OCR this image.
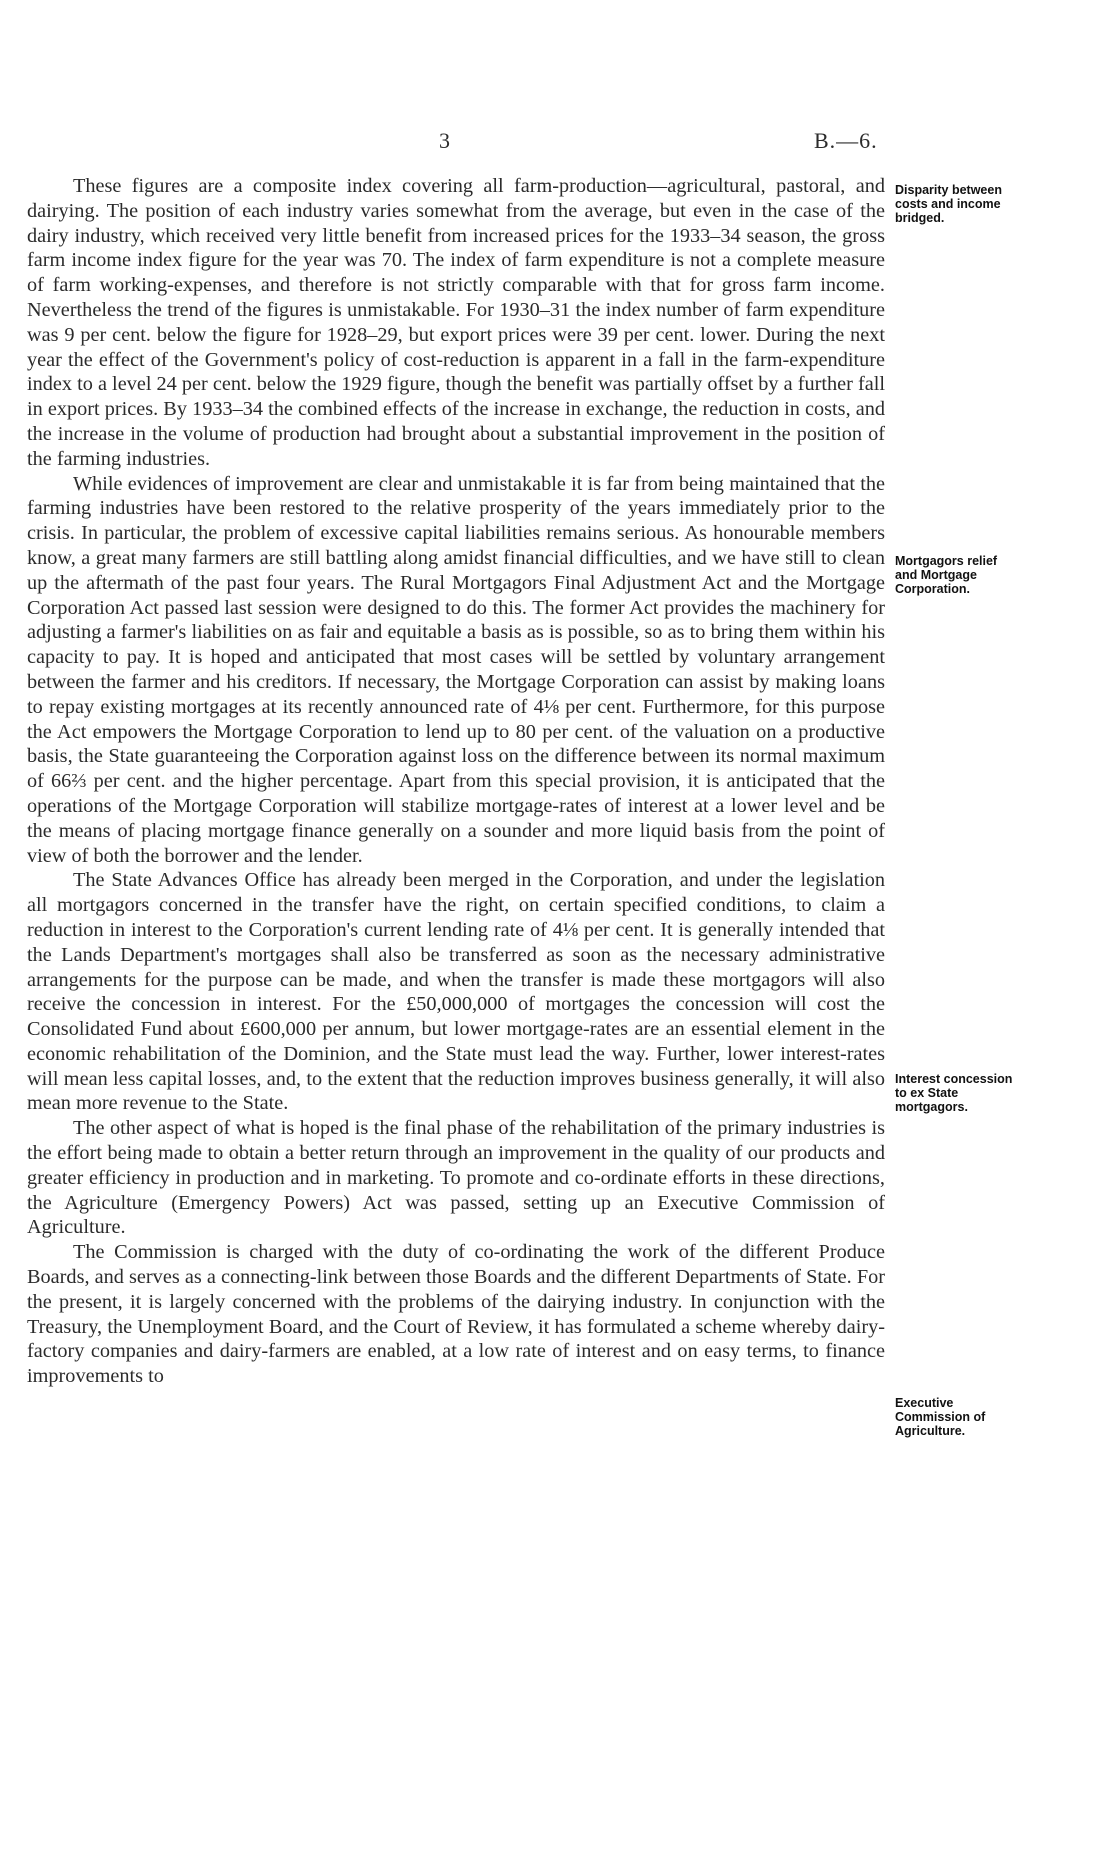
3	B.—6.

These figures are a composite index covering all farm-production—agricultural, pastoral, and dairying. The position of each industry varies somewhat from the average, but even in the case of the dairy industry, which received very little benefit from increased prices for the 1933–34 season, the gross farm income index figure for the year was 70. The index of farm expenditure is not a complete measure of farm working-expenses, and therefore is not strictly comparable with that for gross farm income. Nevertheless the trend of the figures is unmistakable. For 1930–31 the index number of farm expenditure was 9 per cent. below the figure for 1928–29, but export prices were 39 per cent. lower. During the next year the effect of the Government's policy of cost-reduction is apparent in a fall in the farm-expenditure index to a level 24 per cent. below the 1929 figure, though the benefit was partially offset by a further fall in export prices. By 1933–34 the combined effects of the increase in exchange, the reduction in costs, and the increase in the volume of production had brought about a substantial improvement in the position of the farming industries.

While evidences of improvement are clear and unmistakable it is far from being maintained that the farming industries have been restored to the relative prosperity of the years immediately prior to the crisis. In particular, the problem of excessive capital liabilities remains serious. As honourable members know, a great many farmers are still battling along amidst financial difficulties, and we have still to clean up the aftermath of the past four years. The Rural Mortgagors Final Adjustment Act and the Mortgage Corporation Act passed last session were designed to do this. The former Act provides the machinery for adjusting a farmer's liabilities on as fair and equitable a basis as is possible, so as to bring them within his capacity to pay. It is hoped and anticipated that most cases will be settled by voluntary arrangement between the farmer and his creditors. If necessary, the Mortgage Corporation can assist by making loans to repay existing mortgages at its recently announced rate of 4⅛ per cent. Furthermore, for this purpose the Act empowers the Mortgage Corporation to lend up to 80 per cent. of the valuation on a productive basis, the State guaranteeing the Corporation against loss on the difference between its normal maximum of 66⅔ per cent. and the higher percentage. Apart from this special provision, it is anticipated that the operations of the Mortgage Corporation will stabilize mortgage-rates of interest at a lower level and be the means of placing mortgage finance generally on a sounder and more liquid basis from the point of view of both the borrower and the lender.

The State Advances Office has already been merged in the Corporation, and under the legislation all mortgagors concerned in the transfer have the right, on certain specified conditions, to claim a reduction in interest to the Corporation's current lending rate of 4⅛ per cent. It is generally intended that the Lands Department's mortgages shall also be transferred as soon as the necessary administrative arrangements for the purpose can be made, and when the transfer is made these mortgagors will also receive the concession in interest. For the £50,000,000 of mortgages the concession will cost the Consolidated Fund about £600,000 per annum, but lower mortgage-rates are an essential element in the economic rehabilitation of the Dominion, and the State must lead the way. Further, lower interest-rates will mean less capital losses, and, to the extent that the reduction improves business generally, it will also mean more revenue to the State.

The other aspect of what is hoped is the final phase of the rehabilitation of the primary industries is the effort being made to obtain a better return through an improvement in the quality of our products and greater efficiency in production and in marketing. To promote and co-ordinate efforts in these directions, the Agriculture (Emergency Powers) Act was passed, setting up an Executive Commission of Agriculture.

The Commission is charged with the duty of co-ordinating the work of the different Produce Boards, and serves as a connecting-link between those Boards and the different Departments of State. For the present, it is largely concerned with the problems of the dairying industry. In conjunction with the Treasury, the Unemployment Board, and the Court of Review, it has formulated a scheme whereby dairy-factory companies and dairy-farmers are enabled, at a low rate of interest and on easy terms, to finance improvements to

Disparity between costs and income bridged.
Mortgagors relief and Mortgage Corporation.
Interest concession to ex State mortgagors.
Executive Commission of Agriculture.
